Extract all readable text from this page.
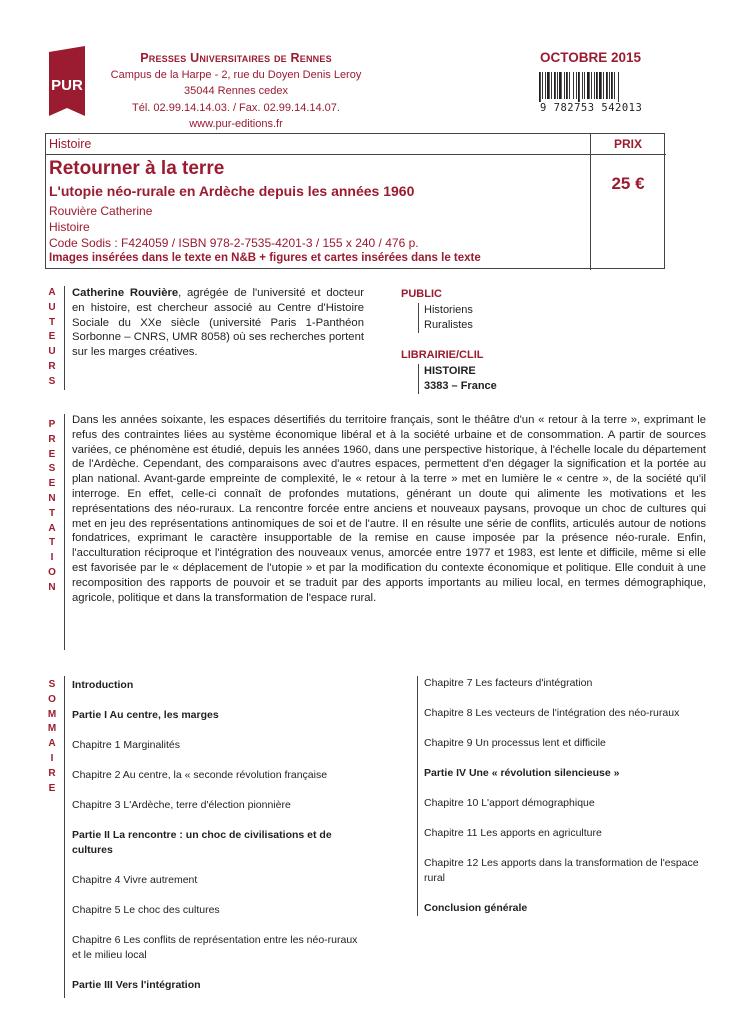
PUR
Presses Universitaires de Rennes
Campus de la Harpe - 2, rue du Doyen Denis Leroy
35044 Rennes cedex
Tél. 02.99.14.14.03. / Fax. 02.99.14.14.07.
www.pur-editions.fr
OCTOBRE 2015
9 782753 542013
Histoire
Retourner à la terre
L'utopie néo-rurale en Ardèche depuis les années 1960
Rouvière Catherine
Histoire
Code Sodis : F424059 / ISBN 978-2-7535-4201-3 / 155 x 240 / 476 p.
Images insérées dans le texte en N&B + figures et cartes insérées dans le texte
PRIX
25 €
A
U
T
E
U
R
S
Catherine Rouvière, agrégée de l'université et docteur en histoire, est chercheur associé au Centre d'Histoire Sociale du XXe siècle (université Paris 1-Panthéon Sorbonne – CNRS, UMR 8058) où ses recherches portent sur les marges créatives.
PUBLIC
Historiens
Ruralistes
LIBRAIRIE/CLIL
HISTOIRE
3383 – France
P
R
E
S
E
N
T
A
T
I
O
N
Dans les années soixante, les espaces désertifiés du territoire français, sont le théâtre d'un « retour à la terre », exprimant le refus des contraintes liées au système économique libéral et à la société urbaine et de consommation. A partir de sources variées, ce phénomène est étudié, depuis les années 1960, dans une perspective historique, à l'échelle locale du département de l'Ardèche. Cependant, des comparaisons avec d'autres espaces, permettent d'en dégager la signification et la portée au plan national. Avant-garde empreinte de complexité, le « retour à la terre » met en lumière le « centre », de la société qu'il interroge. En effet, celle-ci connaît de profondes mutations, générant un doute qui alimente les motivations et les représentations des néo-ruraux. La rencontre forcée entre anciens et nouveaux paysans, provoque un choc de cultures qui met en jeu des représentations antinomiques de soi et de l'autre. Il en résulte une série de conflits, articulés autour de notions fondatrices, exprimant le caractère insupportable de la remise en cause imposée par la présence néo-rurale. Enfin, l'acculturation réciproque et l'intégration des nouveaux venus, amorcée entre 1977 et 1983, est lente et difficile, même si elle est favorisée par le « déplacement de l'utopie » et par la modification du contexte économique et politique. Elle conduit à une recomposition des rapports de pouvoir et se traduit par des apports importants au milieu local, en termes démographique, agricole, politique et dans la transformation de l'espace rural.
S
O
M
M
A
I
R
E
Introduction
Partie I Au centre, les marges
Chapitre 1 Marginalités
Chapitre 2 Au centre, la « seconde révolution française
Chapitre 3 L'Ardèche, terre d'élection pionnière
Partie II La rencontre : un choc de civilisations et de cultures
Chapitre 4 Vivre autrement
Chapitre 5 Le choc des cultures
Chapitre 6 Les conflits de représentation entre les néo-ruraux et le milieu local
Partie III Vers l'intégration
Chapitre 7 Les facteurs d'intégration
Chapitre 8 Les vecteurs de l'intégration des néo-ruraux
Chapitre 9 Un processus lent et difficile
Partie IV Une « révolution silencieuse »
Chapitre 10 L'apport démographique
Chapitre 11 Les apports en agriculture
Chapitre 12 Les apports dans la transformation de l'espace rural
Conclusion générale
